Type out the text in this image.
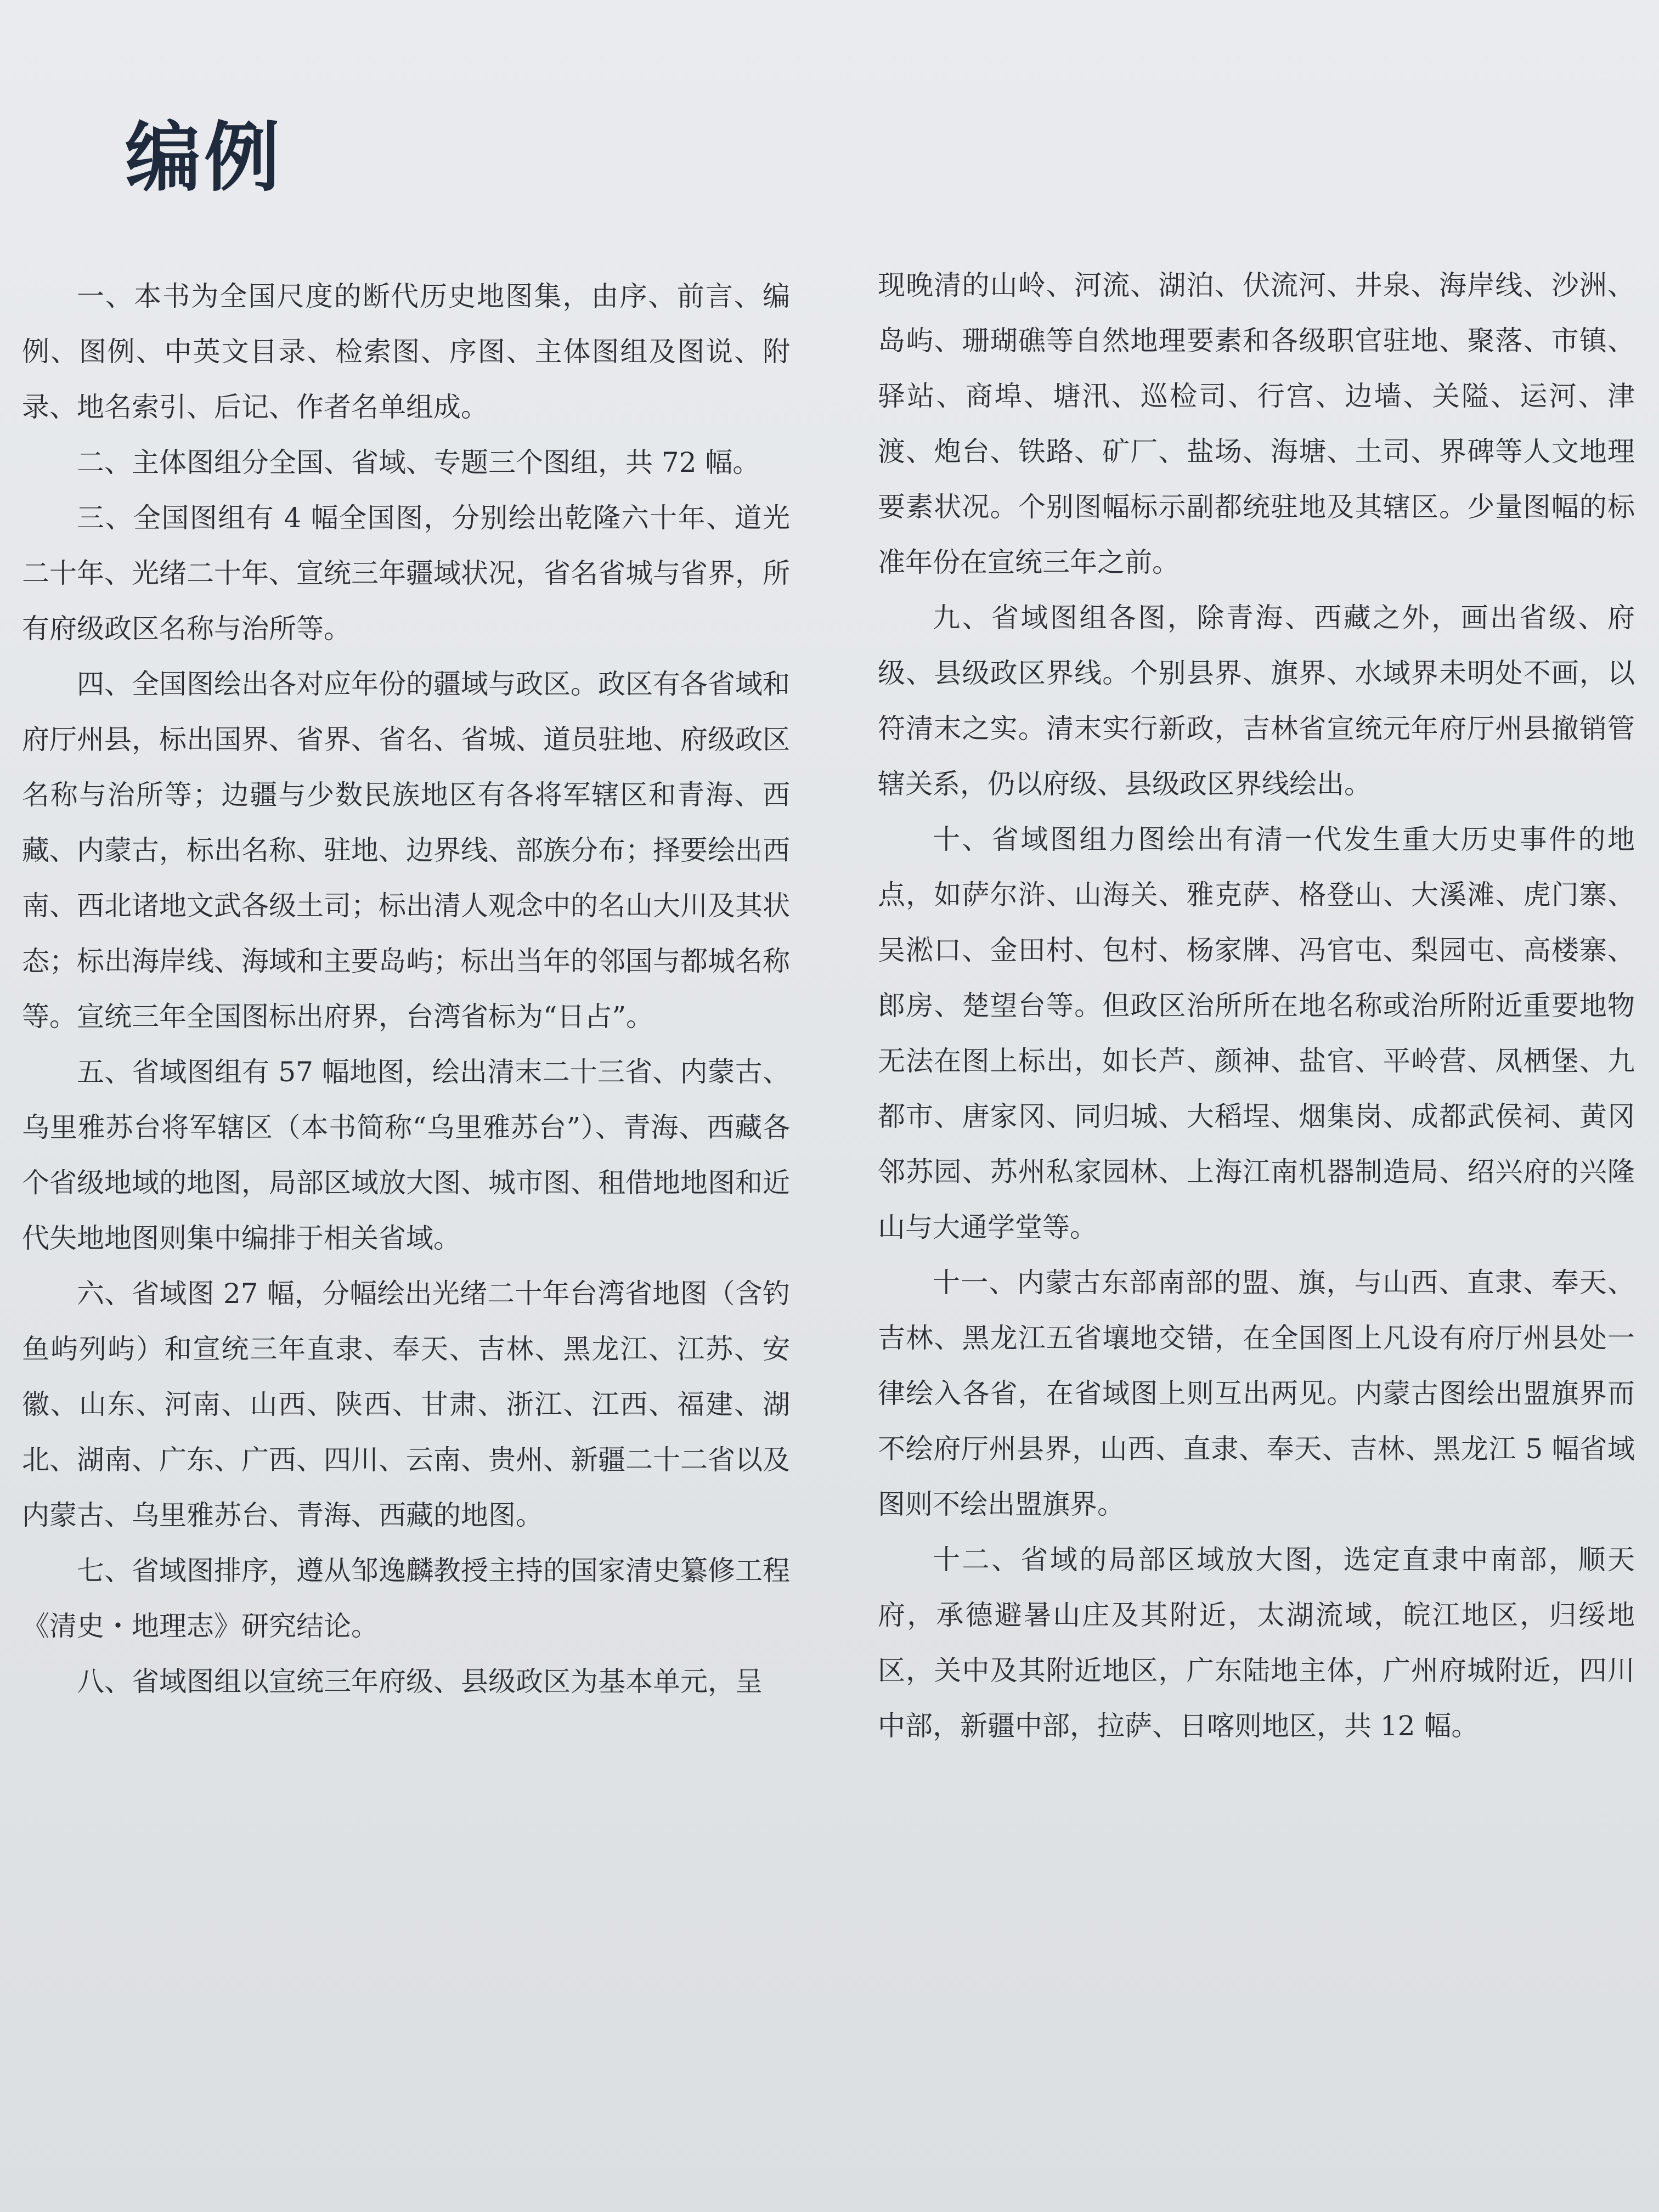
编例

一、本书为全国尺度的断代历史地图集，由序、前言、编例、图例、中英文目录、检索图、序图、主体图组及图说、附录、地名索引、后记、作者名单组成。

二、主体图组分全国、省域、专题三个图组，共 72 幅。

三、全国图组有 4 幅全国图，分别绘出乾隆六十年、道光二十年、光绪二十年、宣统三年疆域状况，省名省城与省界，所有府级政区名称与治所等。

四、全国图绘出各对应年份的疆域与政区。政区有各省域和府厅州县，标出国界、省界、省名、省城、道员驻地、府级政区名称与治所等；边疆与少数民族地区有各将军辖区和青海、西藏、内蒙古，标出名称、驻地、边界线、部族分布；择要绘出西南、西北诸地文武各级土司；标出清人观念中的名山大川及其状态；标出海岸线、海域和主要岛屿；标出当年的邻国与都城名称等。宣统三年全国图标出府界，台湾省标为“日占”。

五、省域图组有 57 幅地图，绘出清末二十三省、内蒙古、乌里雅苏台将军辖区（本书简称“乌里雅苏台”）、青海、西藏各个省级地域的地图，局部区域放大图、城市图、租借地地图和近代失地地图则集中编排于相关省域。

六、省域图 27 幅，分幅绘出光绪二十年台湾省地图（含钓鱼屿列屿）和宣统三年直隶、奉天、吉林、黑龙江、江苏、安徽、山东、河南、山西、陕西、甘肃、浙江、江西、福建、湖北、湖南、广东、广西、四川、云南、贵州、新疆二十二省以及内蒙古、乌里雅苏台、青海、西藏的地图。

七、省域图排序，遵从邹逸麟教授主持的国家清史纂修工程《清史・地理志》研究结论。

八、省域图组以宣统三年府级、县级政区为基本单元，呈

现晚清的山岭、河流、湖泊、伏流河、井泉、海岸线、沙洲、岛屿、珊瑚礁等自然地理要素和各级职官驻地、聚落、市镇、驿站、商埠、塘汛、巡检司、行宫、边墙、关隘、运河、津渡、炮台、铁路、矿厂、盐场、海塘、土司、界碑等人文地理要素状况。个别图幅标示副都统驻地及其辖区。少量图幅的标准年份在宣统三年之前。

九、省域图组各图，除青海、西藏之外，画出省级、府级、县级政区界线。个别县界、旗界、水域界未明处不画，以符清末之实。清末实行新政，吉林省宣统元年府厅州县撤销管辖关系，仍以府级、县级政区界线绘出。

十、省域图组力图绘出有清一代发生重大历史事件的地点，如萨尔浒、山海关、雅克萨、格登山、大溪滩、虎门寨、吴淞口、金田村、包村、杨家牌、冯官屯、梨园屯、高楼寨、郎房、楚望台等。但政区治所所在地名称或治所附近重要地物无法在图上标出，如长芦、颜神、盐官、平岭营、凤栖堡、九都市、唐家冈、同归城、大稻埕、烟集岗、成都武侯祠、黄冈邻苏园、苏州私家园林、上海江南机器制造局、绍兴府的兴隆山与大通学堂等。

十一、内蒙古东部南部的盟、旗，与山西、直隶、奉天、吉林、黑龙江五省壤地交错，在全国图上凡设有府厅州县处一律绘入各省，在省域图上则互出两见。内蒙古图绘出盟旗界而不绘府厅州县界，山西、直隶、奉天、吉林、黑龙江 5 幅省域图则不绘出盟旗界。

十二、省域的局部区域放大图，选定直隶中南部，顺天府，承德避暑山庄及其附近，太湖流域，皖江地区，归绥地区，关中及其附近地区，广东陆地主体，广州府城附近，四川中部，新疆中部，拉萨、日喀则地区，共 12 幅。
